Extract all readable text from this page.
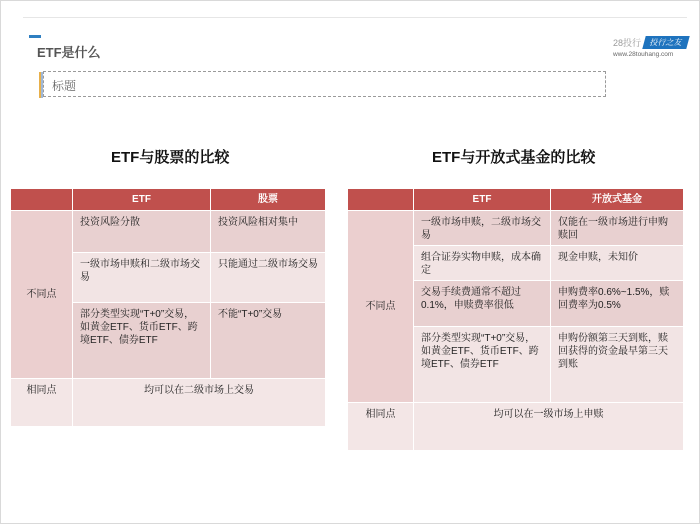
ETF是什么
28投行 投行之友
www.28touhang.com
标题
ETF与股票的比较
	ETF	股票
不同点	投资风险分散	投资风险相对集中
	一级市场申赎和二级市场交易	只能通过二级市场交易
	部分类型实现“T+0”交易，如黄金ETF、货币ETF、跨境ETF、债券ETF	不能“T+0”交易
相同点	均可以在二级市场上交易	
ETF与开放式基金的比较
	ETF	开放式基金
不同点	一级市场申赎，二级市场交易	仅能在一级市场进行申购赎回
	组合证券实物申赎，成本确定	现金申赎，未知价
	交易手续费通常不超过0.1%，申赎费率很低	申购费率0.6%~1.5%，赎回费率为0.5%
	部分类型实现“T+0”交易，如黄金ETF、货币ETF、跨境ETF、债券ETF	申购份额第三天到账，赎回获得的资金最早第三天到账
相同点	均可以在一级市场上申赎	
